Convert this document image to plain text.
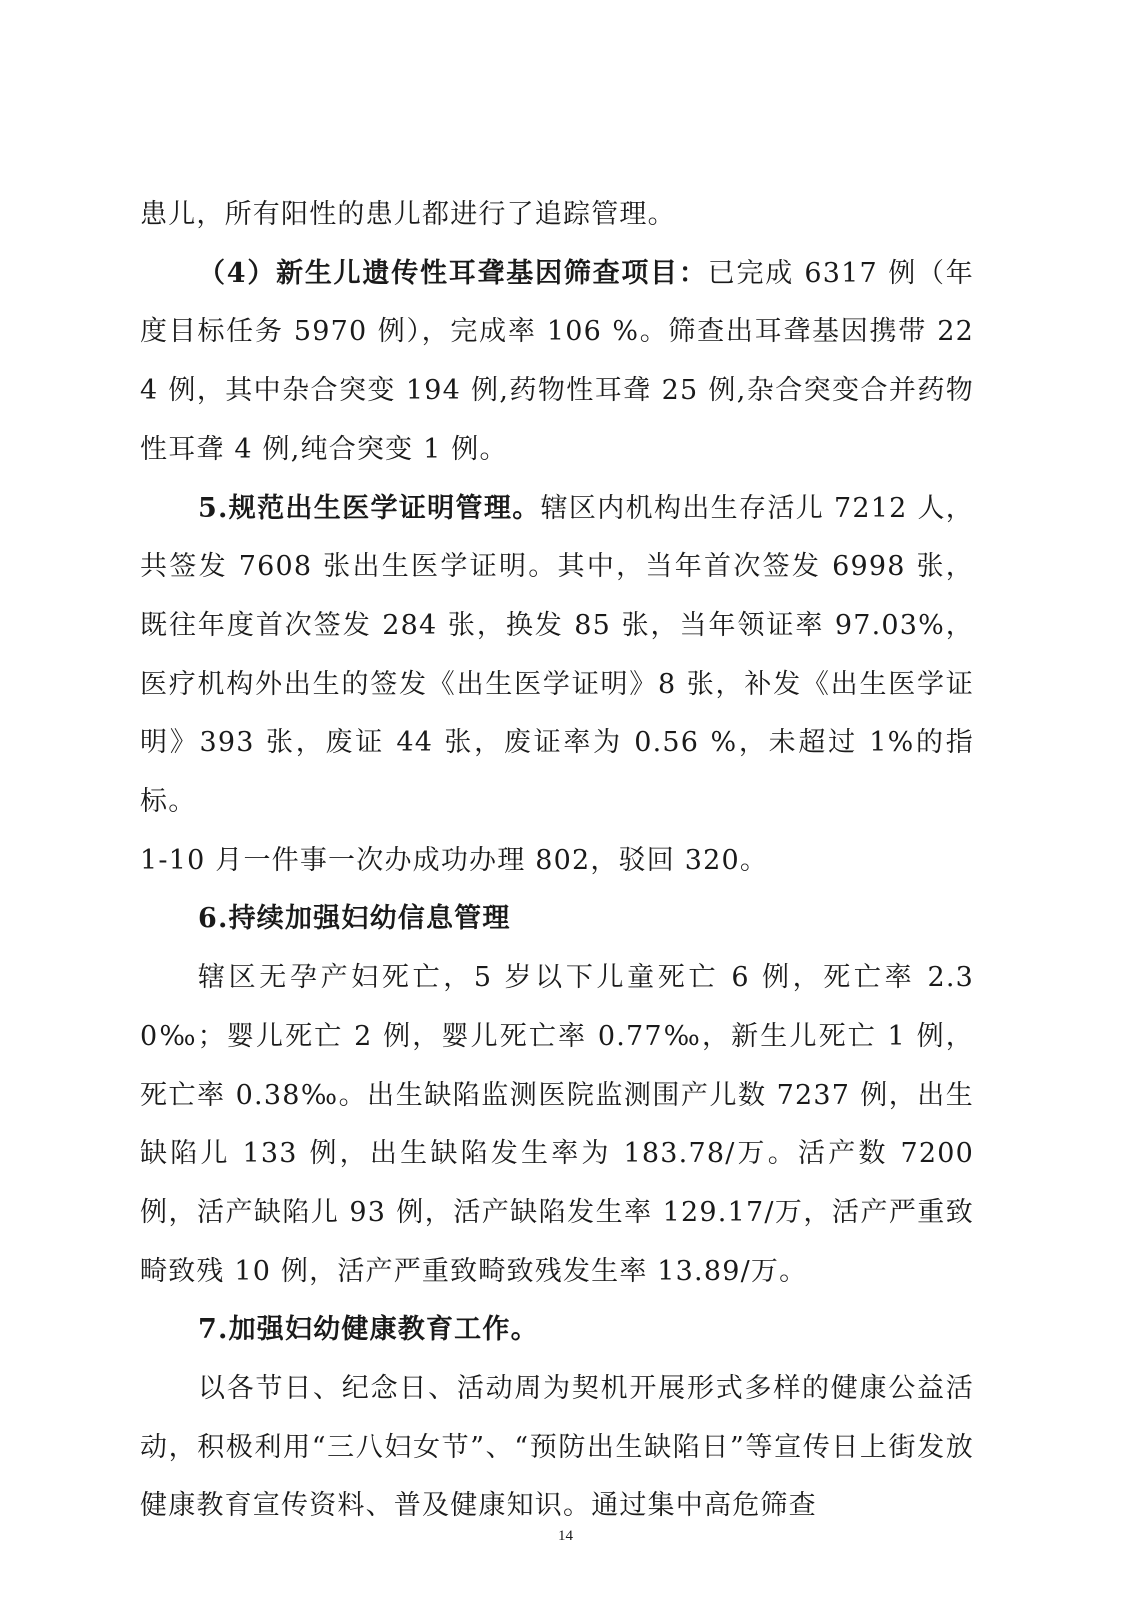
患儿，所有阳性的患儿都进行了追踪管理。

（4）新生儿遗传性耳聋基因筛查项目：已完成 6317 例（年度目标任务 5970 例），完成率 106 %。筛查出耳聋基因携带 224 例，其中杂合突变 194 例,药物性耳聋 25 例,杂合突变合并药物性耳聋 4 例,纯合突变 1 例。

5.规范出生医学证明管理。辖区内机构出生存活儿 7212 人，共签发 7608 张出生医学证明。其中，当年首次签发 6998 张，既往年度首次签发 284 张，换发 85 张，当年领证率 97.03%，医疗机构外出生的签发《出生医学证明》8 张，补发《出生医学证明》393 张，废证 44 张，废证率为 0.56 %，未超过 1%的指标。

1-10 月一件事一次办成功办理 802，驳回 320。

6.持续加强妇幼信息管理

辖区无孕产妇死亡，5 岁以下儿童死亡 6 例，死亡率 2.30‰；婴儿死亡 2 例，婴儿死亡率 0.77‰，新生儿死亡 1 例，死亡率 0.38‰。出生缺陷监测医院监测围产儿数 7237 例，出生缺陷儿 133 例，出生缺陷发生率为 183.78/万。活产数 7200 例，活产缺陷儿 93 例，活产缺陷发生率 129.17/万，活产严重致畸致残 10 例，活产严重致畸致残发生率 13.89/万。

7.加强妇幼健康教育工作。

以各节日、纪念日、活动周为契机开展形式多样的健康公益活动，积极利用“三八妇女节”、“预防出生缺陷日”等宣传日上街发放健康教育宣传资料、普及健康知识。通过集中高危筛查

14
